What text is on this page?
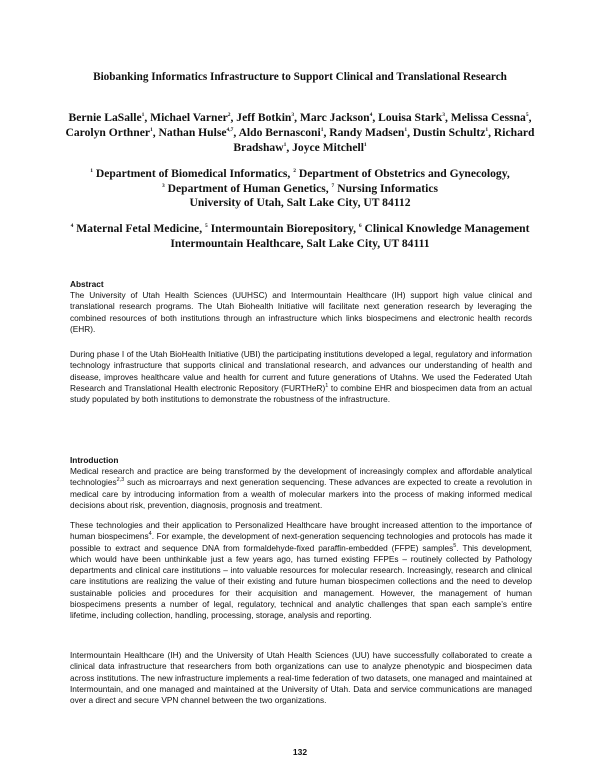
Biobanking Informatics Infrastructure to Support Clinical and Translational Research
Bernie LaSalle$^1$, Michael Varner$^2$, Jeff Botkin$^3$, Marc Jackson$^4$, Louisa Stark$^3$, Melissa Cessna$^5$, Carolyn Orthner$^1$, Nathan Hulse$^{4,7}$, Aldo Bernasconi$^1$, Randy Madsen$^1$, Dustin Schultz$^1$, Richard Bradshaw$^1$, Joyce Mitchell$^1$
$^1$ Department of Biomedical Informatics, $^2$ Department of Obstetrics and Gynecology,
$^3$ Department of Human Genetics, $^7$ Nursing Informatics
University of Utah, Salt Lake City, UT 84112
$^4$ Maternal Fetal Medicine, $^5$ Intermountain Biorepository, $^6$ Clinical Knowledge Management
Intermountain Healthcare, Salt Lake City, UT 84111
Abstract

The University of Utah Health Sciences (UUHSC) and Intermountain Healthcare (IH) support high value clinical and translational research programs. The Utah Biohealth Initiative will facilitate next generation research by leveraging the combined resources of both institutions through an infrastructure which links biospecimens and electronic health records (EHR).

During phase I of the Utah BioHealth Initiative (UBI) the participating institutions developed a legal, regulatory and information technology infrastructure that supports clinical and translational research, and advances our understanding of health and disease, improves healthcare value and health for current and future generations of Utahns. We used the Federated Utah Research and Translational Health electronic Repository (FURTHeR)$^1$ to combine EHR and biospecimen data from an actual study populated by both institutions to demonstrate the robustness of the infrastructure.

Introduction

Medical research and practice are being transformed by the development of increasingly complex and affordable analytical technologies$^{2,3}$ such as microarrays and next generation sequencing. These advances are expected to create a revolution in medical care by introducing information from a wealth of molecular markers into the process of making informed medical decisions about risk, prevention, diagnosis, prognosis and treatment.

These technologies and their application to Personalized Healthcare have brought increased attention to the importance of human biospecimens$^4$. For example, the development of next-generation sequencing technologies and protocols has made it possible to extract and sequence DNA from formaldehyde-fixed paraffin-embedded (FFPE) samples$^5$. This development, which would have been unthinkable just a few years ago, has turned existing FFPEs – routinely collected by Pathology departments and clinical care institutions – into valuable resources for molecular research. Increasingly, research and clinical care institutions are realizing the value of their existing and future human biospecimen collections and the need to develop sustainable policies and procedures for their acquisition and management. However, the management of human biospecimens presents a number of legal, regulatory, technical and analytic challenges that span each sample’s entire lifetime, including collection, handling, processing, storage, analysis and reporting.

Intermountain Healthcare (IH) and the University of Utah Health Sciences (UU) have successfully collaborated to create a clinical data infrastructure that researchers from both organizations can use to analyze phenotypic and biospecimen data across institutions. The new infrastructure implements a real-time federation of two datasets, one managed and maintained at Intermountain, and one managed and maintained at the University of Utah. Data and service communications are managed over a direct and secure VPN channel between the two organizations.

132
